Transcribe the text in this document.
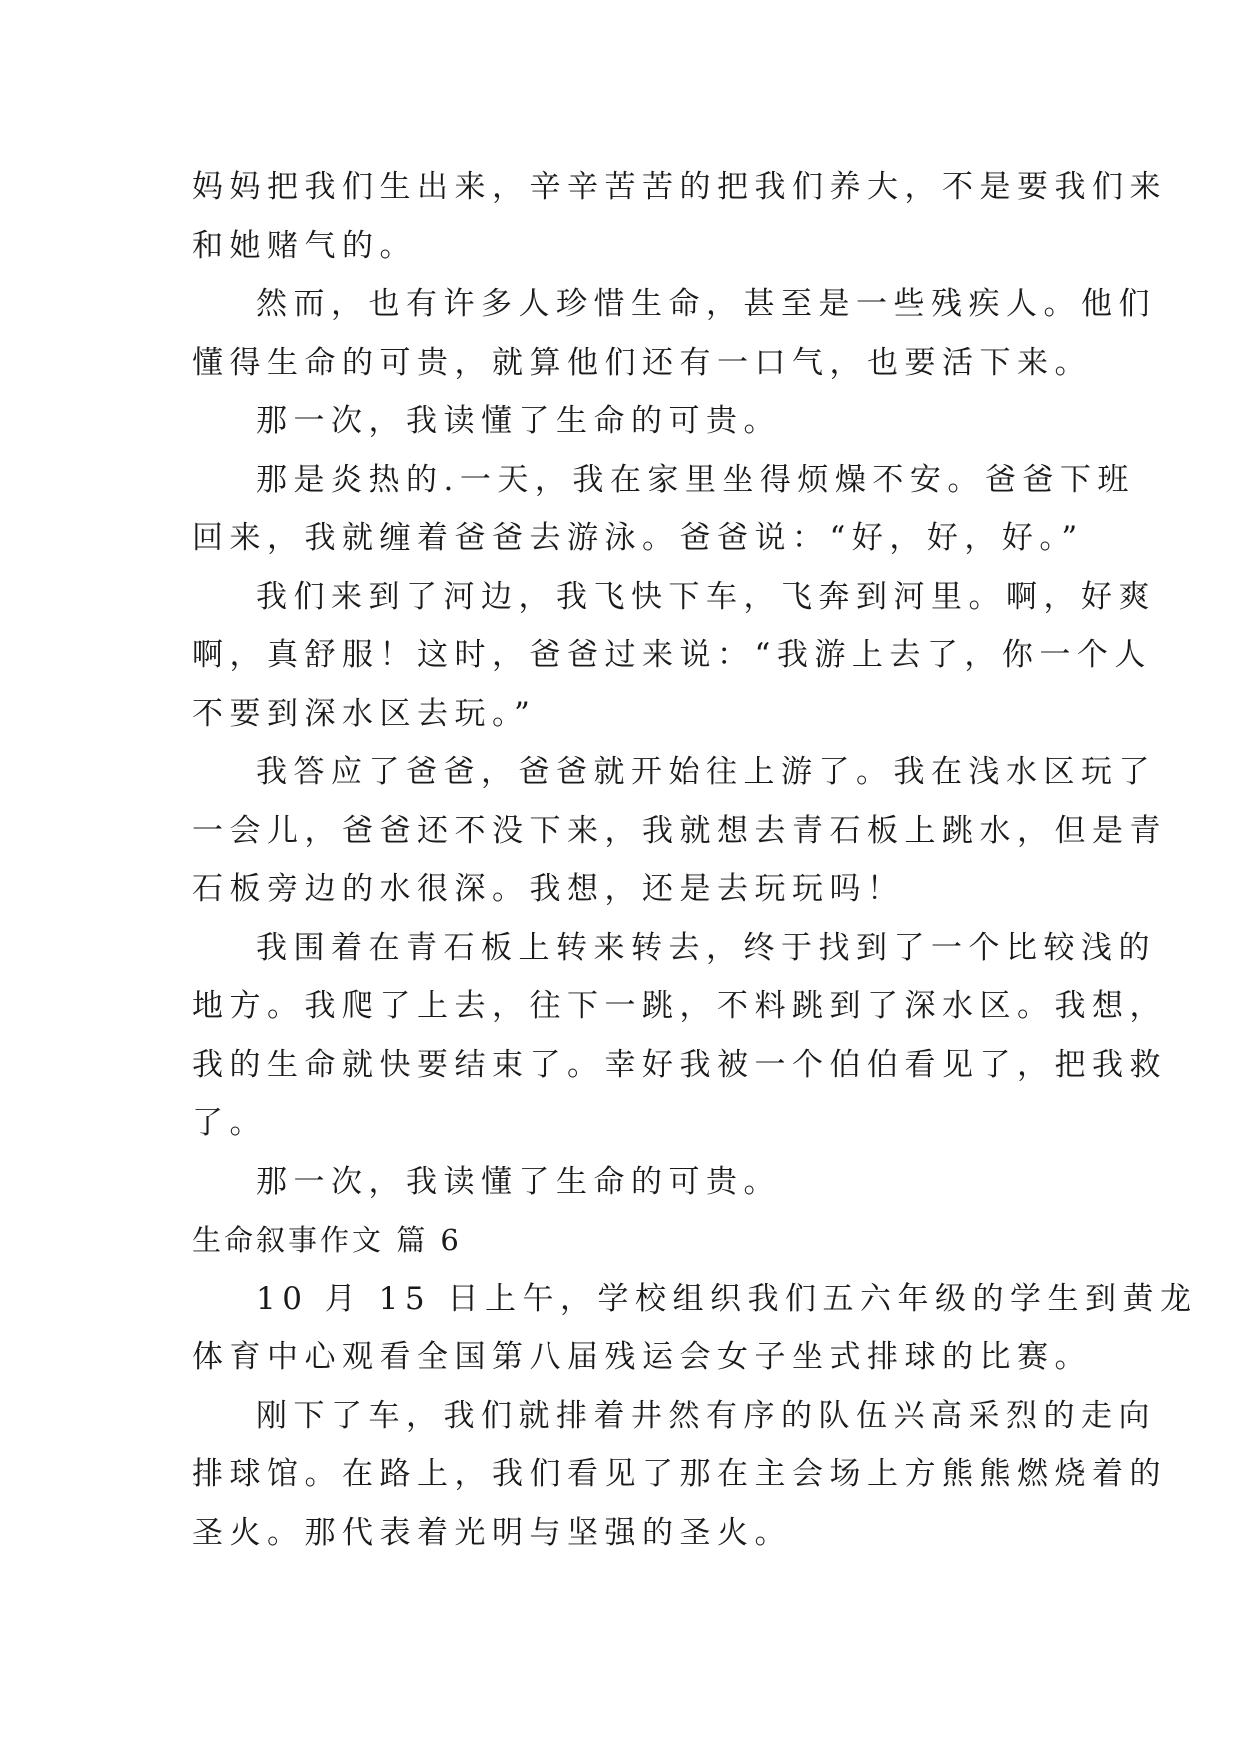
妈妈把我们生出来，辛辛苦苦的把我们养大，不是要我们来
和她赌气的。
然而，也有许多人珍惜生命，甚至是一些残疾人。他们
懂得生命的可贵，就算他们还有一口气，也要活下来。
那一次，我读懂了生命的可贵。
那是炎热的.一天，我在家里坐得烦燥不安。爸爸下班
回来，我就缠着爸爸去游泳。爸爸说：“好，好，好。”
我们来到了河边，我飞快下车，飞奔到河里。啊，好爽
啊，真舒服！这时，爸爸过来说：“我游上去了，你一个人
不要到深水区去玩。”
我答应了爸爸，爸爸就开始往上游了。我在浅水区玩了
一会儿，爸爸还不没下来，我就想去青石板上跳水，但是青
石板旁边的水很深。我想，还是去玩玩吗！
我围着在青石板上转来转去，终于找到了一个比较浅的
地方。我爬了上去，往下一跳，不料跳到了深水区。我想，
我的生命就快要结束了。幸好我被一个伯伯看见了，把我救
了。
那一次，我读懂了生命的可贵。
生命叙事作文 篇 6
10 月 15 日上午，学校组织我们五六年级的学生到黄龙
体育中心观看全国第八届残运会女子坐式排球的比赛。
刚下了车，我们就排着井然有序的队伍兴高采烈的走向
排球馆。在路上，我们看见了那在主会场上方熊熊燃烧着的
圣火。那代表着光明与坚强的圣火。
